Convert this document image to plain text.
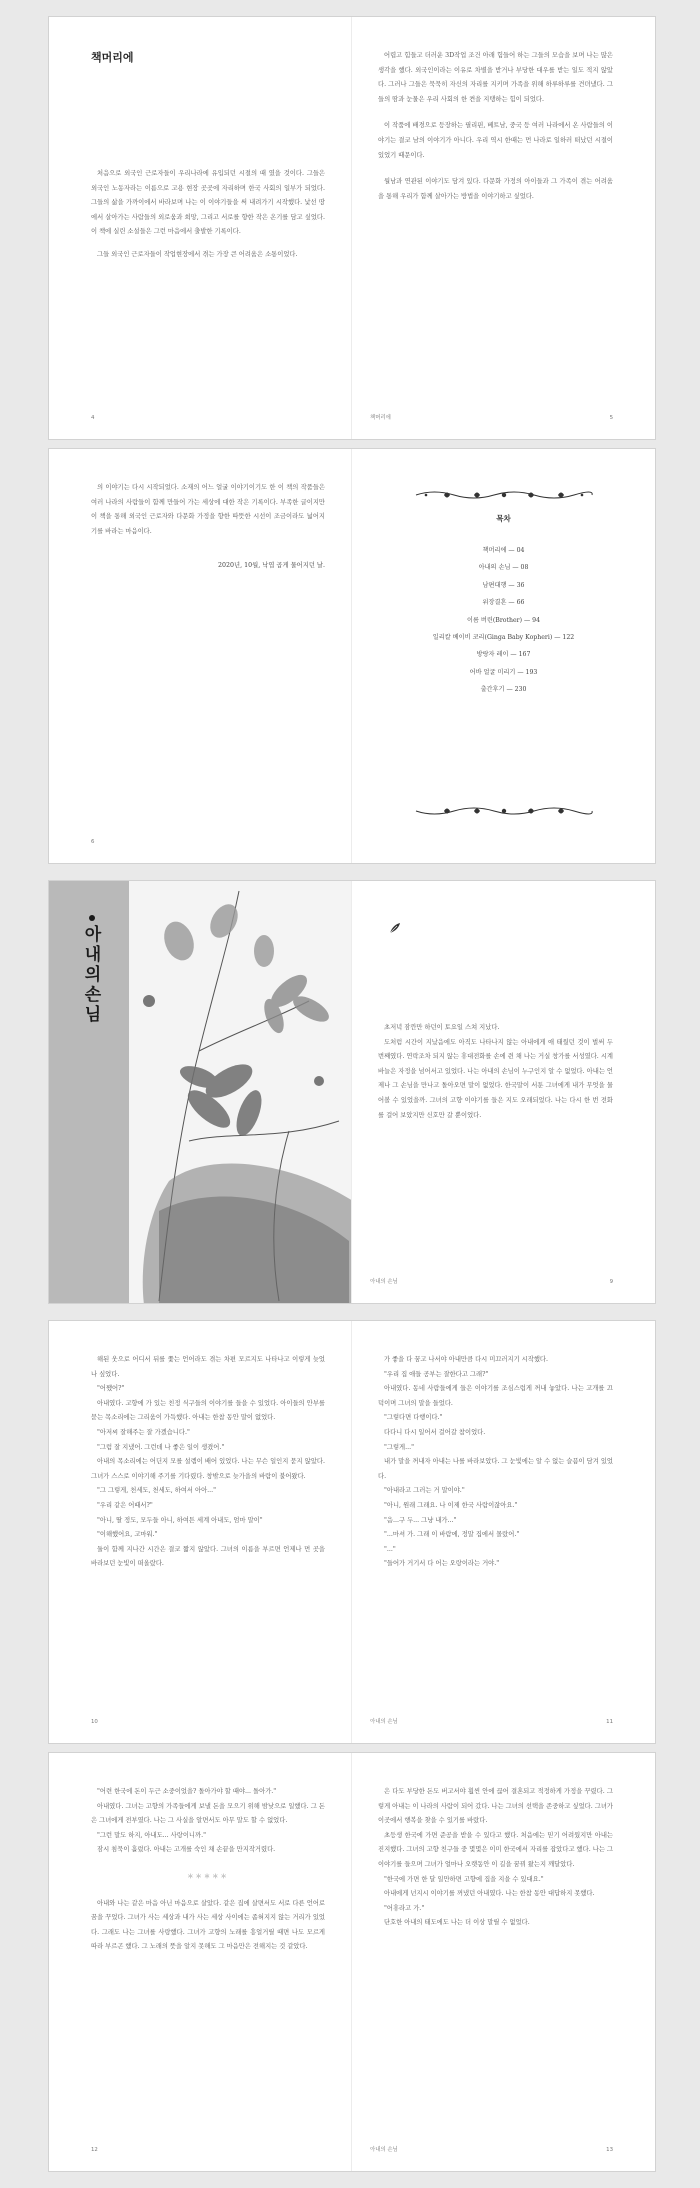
책머리에

처음으로 외국인 근로자들이 우리나라에 유입되던 시절의 때 였을 것이다. 그들은 외국인 노동자라는 이름으로 고용 현장 곳곳에 자리하며 한국 사회의 일부가 되었다. 그들의 삶을 가까이에서 바라보며 나는 이 이야기들을 써 내려가기 시작했다. 낯선 땅에서 살아가는 사람들의 외로움과 희망, 그리고 서로를 향한 작은 온기를 담고 싶었다. 이 책에 실린 소설들은 그런 마음에서 출발한 기록이다.

그들 외국인 근로자들이 작업현장에서 겪는 가장 큰 어려움은 소통이었다.

4

어렵고 힘들고 더러운 3D작업 조건 아래 힘들어 하는 그들의 모습을 보며 나는 많은 생각을 했다. 외국인이라는 이유로 차별을 받거나 부당한 대우를 받는 일도 적지 않았다. 그러나 그들은 묵묵히 자신의 자리를 지키며 가족을 위해 하루하루를 견뎌냈다. 그들의 땀과 눈물은 우리 사회의 한 켠을 지탱하는 힘이 되었다.

이 작품에 배경으로 등장하는 필리핀, 베트남, 중국 등 여러 나라에서 온 사람들의 이야기는 결코 남의 이야기가 아니다. 우리 역시 한때는 먼 나라로 일하러 떠났던 시절이 있었기 때문이다.

월남과 연관된 이야기도 담겨 있다. 다문화 가정의 아이들과 그 가족이 겪는 어려움을 통해 우리가 함께 살아가는 방법을 이야기하고 싶었다.

책머리에	5

의 이야기는 다시 시작되었다. 소재의 어느 얼굴 이야기이기도 한 이 책의 작품들은 여러 나라의 사람들이 함께 만들어 가는 세상에 대한 작은 기록이다. 부족한 글이지만 이 책을 통해 외국인 근로자와 다문화 가정을 향한 따뜻한 시선이 조금이라도 넓어지기를 바라는 마음이다.

2020년, 10월, 낙엽 곱게 물어지던 날.
6
목차
책머리에 — 04
아내의 손님 — 08
남편대행 — 36
위장결혼 — 66
이름 버린(Brother) — 94
일리칼 베이비 코리(Ginga Baby Kopheri) — 122
방랑자 레이 — 167
어바 얼굴 미리기 — 193
출간후기 — 230
아내의 손님

초저녁 잠깐만 하던이 토요일 스쳐 지났다.

도처럼 시간이 지났음에도 아직도 나타나지 않는 아내에게 애 태웠던 것이 벌써 두 번째였다. 연락조차 되지 않는 휴대전화를 손에 쥔 채 나는 거실 창가를 서성였다. 시계 바늘은 자정을 넘어서고 있었다. 나는 아내의 손님이 누구인지 알 수 없었다. 아내는 언제나 그 손님을 만나고 돌아오면 말이 없었다. 한국말이 서툰 그녀에게 내가 무엇을 물어볼 수 있었을까. 그녀의 고향 이야기를 들은 지도 오래되었다. 나는 다시 한 번 전화를 걸어 보았지만 신호만 갈 뿐이었다.

아내의 손님	9

해된 웃으로 어디서 뒤를 쫓는 언어라도 겪는 차편 모르지도 나타나고 이렇게 늦었나 싶었다.

"어쨌어?"

아내였다. 고향에 가 있는 친정 식구들의 이야기를 들을 수 있었다. 아이들의 안부를 묻는 목소리에는 그리움이 가득했다. 아내는 한참 동안 말이 없었다.

"아저씨 잘해주는 잘 가겠습니다."

"그럼 잘 지냈어. 그런데 나 좋은 일이 생겼어."

아내의 목소리에는 어딘지 모를 설렘이 배어 있었다. 나는 무슨 일인지 묻지 않았다. 그녀가 스스로 이야기해 주기를 기다렸다. 창밖으로 늦가을의 바람이 불어왔다.

"그 그렇게, 천세도, 천세도, 하여서 아아..."

"우리 같은 어때서?"

"아니, 딸 정도, 모두들 아니, 하여튼 세계 아내도, 엄마 말이"

"이해했어요, 고마워."

둘이 함께 지나간 시간은 결코 짧지 않았다. 그녀의 이름을 부르면 언제나 먼 곳을 바라보던 눈빛이 떠올랐다.

10

가 좋을 다 꿈고 나서야 아내만큼 다시 미끄러지기 시작했다.

"우리 집 애들 공부는 잘한다고 그래?"

아내였다. 동네 사람들에게 들은 이야기를 조심스럽게 꺼내 놓았다. 나는 고개를 끄덕이며 그녀의 말을 들었다.

"그렇다면 다행이다."

다다니 다시 일어서 걸어갈 참이었다.

"그렇게..."

내가 말을 꺼내자 아내는 나를 바라보았다. 그 눈빛에는 알 수 없는 슬픔이 담겨 있었다.

"아내라고 그러는 거 말이야."

"아니, 원래 그래요. 나 이제 한국 사람이잖아요."

"음...구 두... 그냥 내가..."

"...마셔 가. 그래 이 바람에, 정말 집에서 몰랐어."

"..."

"들어가 거기서 다 어는 오랑이라는 거야."

아내의 손님	11

"어련 한국에 돈이 두근 소중이었을? 돌아가야 할 때야... 돌아가."

아내였다. 그녀는 고향의 가족들에게 보낼 돈을 모으기 위해 밤낮으로 일했다. 그 돈은 그녀에게 전부였다. 나는 그 사실을 알면서도 아무 말도 할 수 없었다.

"그런 말도 하지, 아내도... 사랑이니까."

잠시 침묵이 흘렀다. 아내는 고개를 숙인 채 손끝을 만지작거렸다.

＊＊＊＊＊

아내와 나는 같은 마음 아닌 마음으로 살았다. 같은 집에 살면서도 서로 다른 언어로 꿈을 꾸었다. 그녀가 사는 세상과 내가 사는 세상 사이에는 좁혀지지 않는 거리가 있었다. 그래도 나는 그녀를 사랑했다. 그녀가 고향의 노래를 흥얼거릴 때면 나도 모르게 따라 부르곤 했다. 그 노래의 뜻을 알지 못해도 그 마음만은 전해지는 것 같았다.

12

은 다도 부당한 돈도 버고서야 훨씬 안에 끊어 결혼되고 적정하게 가정을 꾸렸다. 그렇게 아내는 이 나라의 사람이 되어 갔다. 나는 그녀의 선택을 존중하고 싶었다. 그녀가 이곳에서 행복을 찾을 수 있기를 바랐다.

초등생 한국에 가면 준공을 받을 수 있다고 했다. 처음에는 믿기 어려웠지만 아내는 진지했다. 그녀의 고향 친구들 중 몇몇은 이미 한국에서 자리를 잡았다고 했다. 나는 그 이야기를 들으며 그녀가 얼마나 오랫동안 이 길을 꿈꿔 왔는지 깨달았다.

"한국에 가면 한 달 일만하면 고향에 집을 지을 수 있대요."

아내에게 넌지시 이야기를 꺼냈던 아내였다. 나는 한참 동안 대답하지 못했다.

"어휴라고 가."

단호한 아내의 태도에도 나는 더 이상 말릴 수 없었다.

아내의 손님	13
